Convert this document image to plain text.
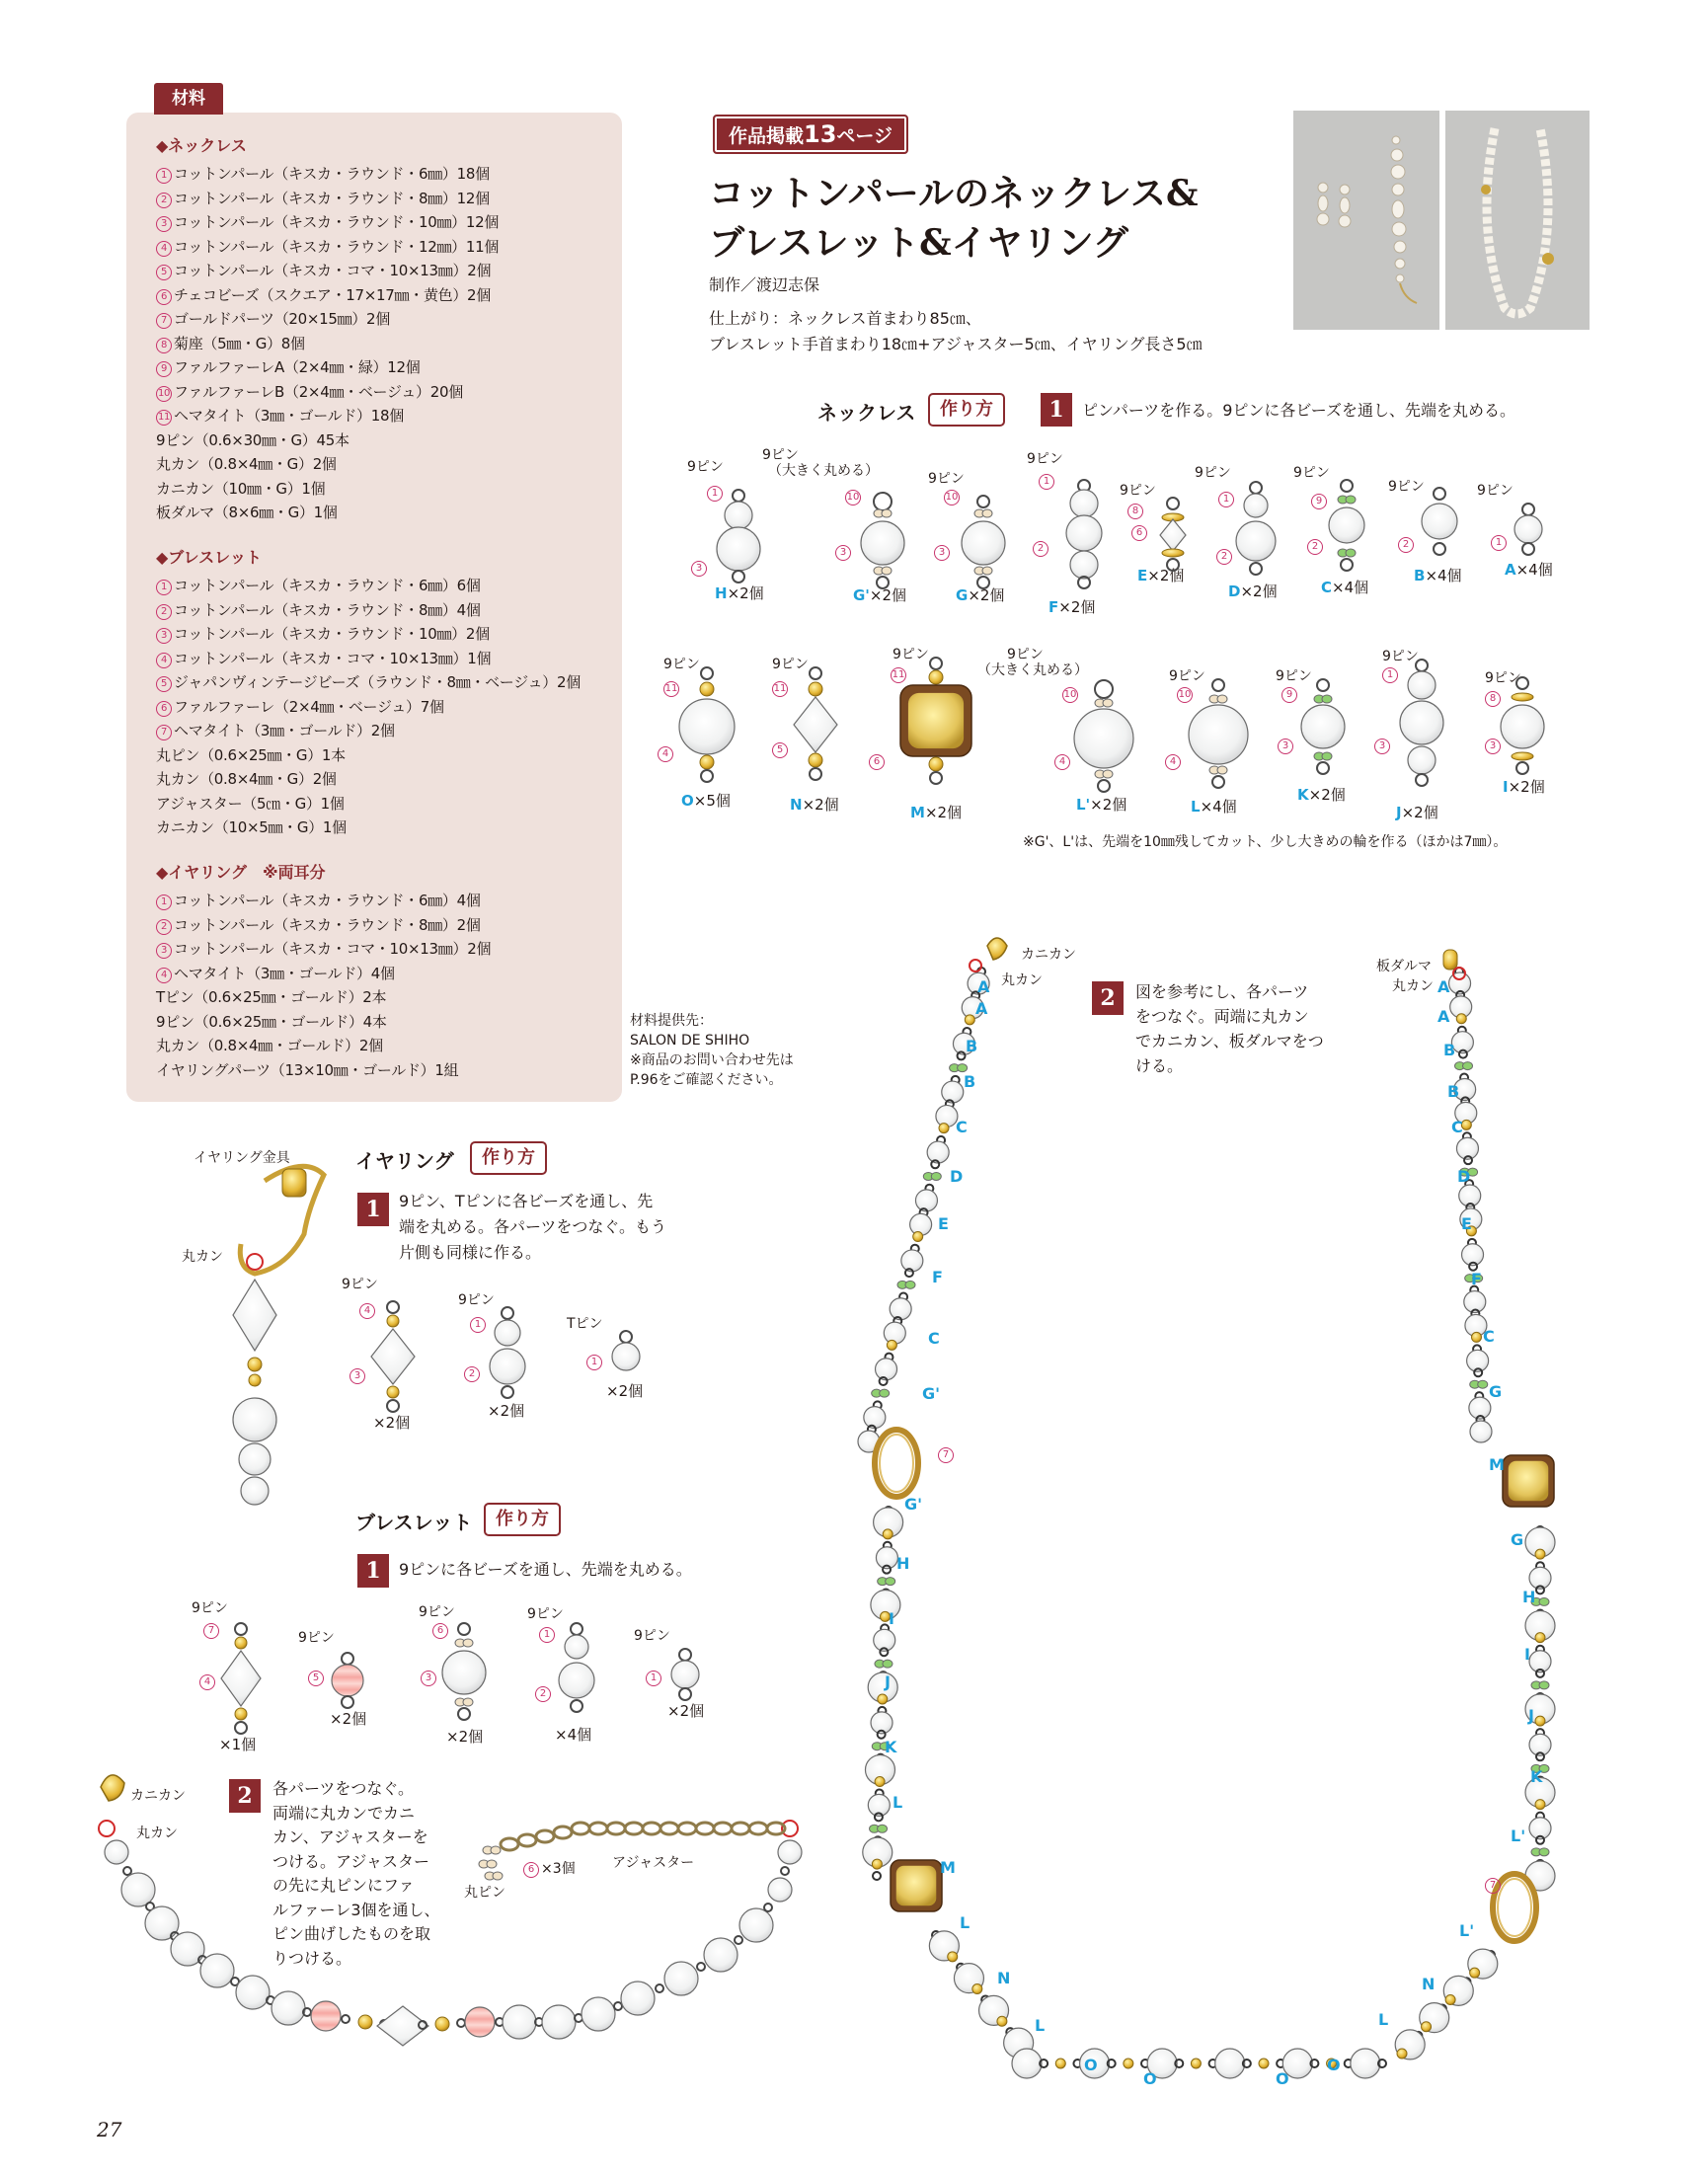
材料
◆ネックレス
1 コットンパール（キスカ・ラウンド・6㎜）18個
2 コットンパール（キスカ・ラウンド・8㎜）12個
3 コットンパール（キスカ・ラウンド・10㎜）12個
4 コットンパール（キスカ・ラウンド・12㎜）11個
5 コットンパール（キスカ・コマ・10×13㎜）2個
6 チェコビーズ（スクエア・17×17㎜・黄色）2個
7 ゴールドパーツ（20×15㎜）2個
8 菊座（5㎜・G）8個
9 ファルファーレA（2×4㎜・緑）12個
10 ファルファーレB（2×4㎜・ベージュ）20個
11 ヘマタイト（3㎜・ゴールド）18個
9ピン（0.6×30㎜・G）45本
丸カン（0.8×4㎜・G）2個
カニカン（10㎜・G）1個
板ダルマ（8×6㎜・G）1個
◆ブレスレット
1 コットンパール（キスカ・ラウンド・6㎜）6個
2 コットンパール（キスカ・ラウンド・8㎜）4個
3 コットンパール（キスカ・ラウンド・10㎜）2個
4 コットンパール（キスカ・コマ・10×13㎜）1個
5 ジャパンヴィンテージビーズ（ラウンド・8㎜・ベージュ）2個
6 ファルファーレ（2×4㎜・ベージュ）7個
7 ヘマタイト（3㎜・ゴールド）2個
丸ピン（0.6×25㎜・G）1本
丸カン（0.8×4㎜・G）2個
アジャスター（5㎝・G）1個
カニカン（10×5㎜・G）1個
◆イヤリング　※両耳分
1 コットンパール（キスカ・ラウンド・6㎜）4個
2 コットンパール（キスカ・ラウンド・8㎜）2個
3 コットンパール（キスカ・コマ・10×13㎜）2個
4 ヘマタイト（3㎜・ゴールド）4個
Tピン（0.6×25㎜・ゴールド）2本
9ピン（0.6×25㎜・ゴールド）4本
丸カン（0.8×4㎜・ゴールド）2個
イヤリングパーツ（13×10㎜・ゴールド）1組
材料提供先：
SALON DE SHIHO
※商品のお問い合わせ先は
P.96をご確認ください。
作品掲載13ページ
コットンパールのネックレス&
ブレスレット&イヤリング
制作／渡辺志保
仕上がり：ネックレス首まわり85㎝、
ブレスレット手首まわり18㎝+アジャスター5㎝、イヤリング長さ5㎝
ネックレス	作り方	1	ピンパーツを作る。9ピンに各ビーズを通し、先端を丸める。
9ピン
1
3
H×2個
9ピン
（大きく丸める）
10
3
G'×2個
9ピン
10
3
G×2個
9ピン
1
2
F×2個
9ピン
8
6
E×2個
9ピン
1
2
D×2個
9ピン
9
2
C×4個
9ピン
2
B×4個
9ピン
1
A×4個
9ピン
11
4
O×5個
9ピン
11
5
N×2個
9ピン
11
6
M×2個
9ピン
（大きく丸める）
10
4
L'×2個
9ピン
10
4
L×4個
9ピン
9
3
K×2個
9ピン
1
3
J×2個
9ピン
8
3
I×2個
※G'、L'は、先端を10㎜残してカット、少し大きめの輪を作る（ほかは7㎜）。
2	図を参考にし、各パーツ
をつなぐ。両端に丸カン
でカニカン、板ダルマをつ
ける。
カニカン
丸カン
板ダルマ
丸カン
A
A
B
B
C
D
E
F
C
G'
G'
H
I
J
K
L
M
L
N
L
O
O
A
A
B
B
C
D
E
F
C
G
M
G
H
I
J
K
L'
L'
N
L
O
O
7
7
イヤリング	作り方
1	9ピン、Tピンに各ビーズを通し、先
端を丸める。各パーツをつなぐ。もう
片側も同様に作る。
イヤリング金具
丸カン
9ピン
4
3
×2個
9ピン
1
2
×2個
Tピン
1
×2個
ブレスレット	作り方
1	9ピンに各ビーズを通し、先端を丸める。
9ピン
7
4
×1個
9ピン
5
×2個
9ピン
6
3
×2個
9ピン
1
2
×4個
9ピン
1
×2個
2	各パーツをつなぐ。
両端に丸カンでカニ
カン、アジャスターを
つける。アジャスター
の先に丸ピンにファ
ルファーレ3個を通し、
ピン曲げしたものを取
りつける。
カニカン
丸カン
丸ピン
6 ×3個	アジャスター
27
